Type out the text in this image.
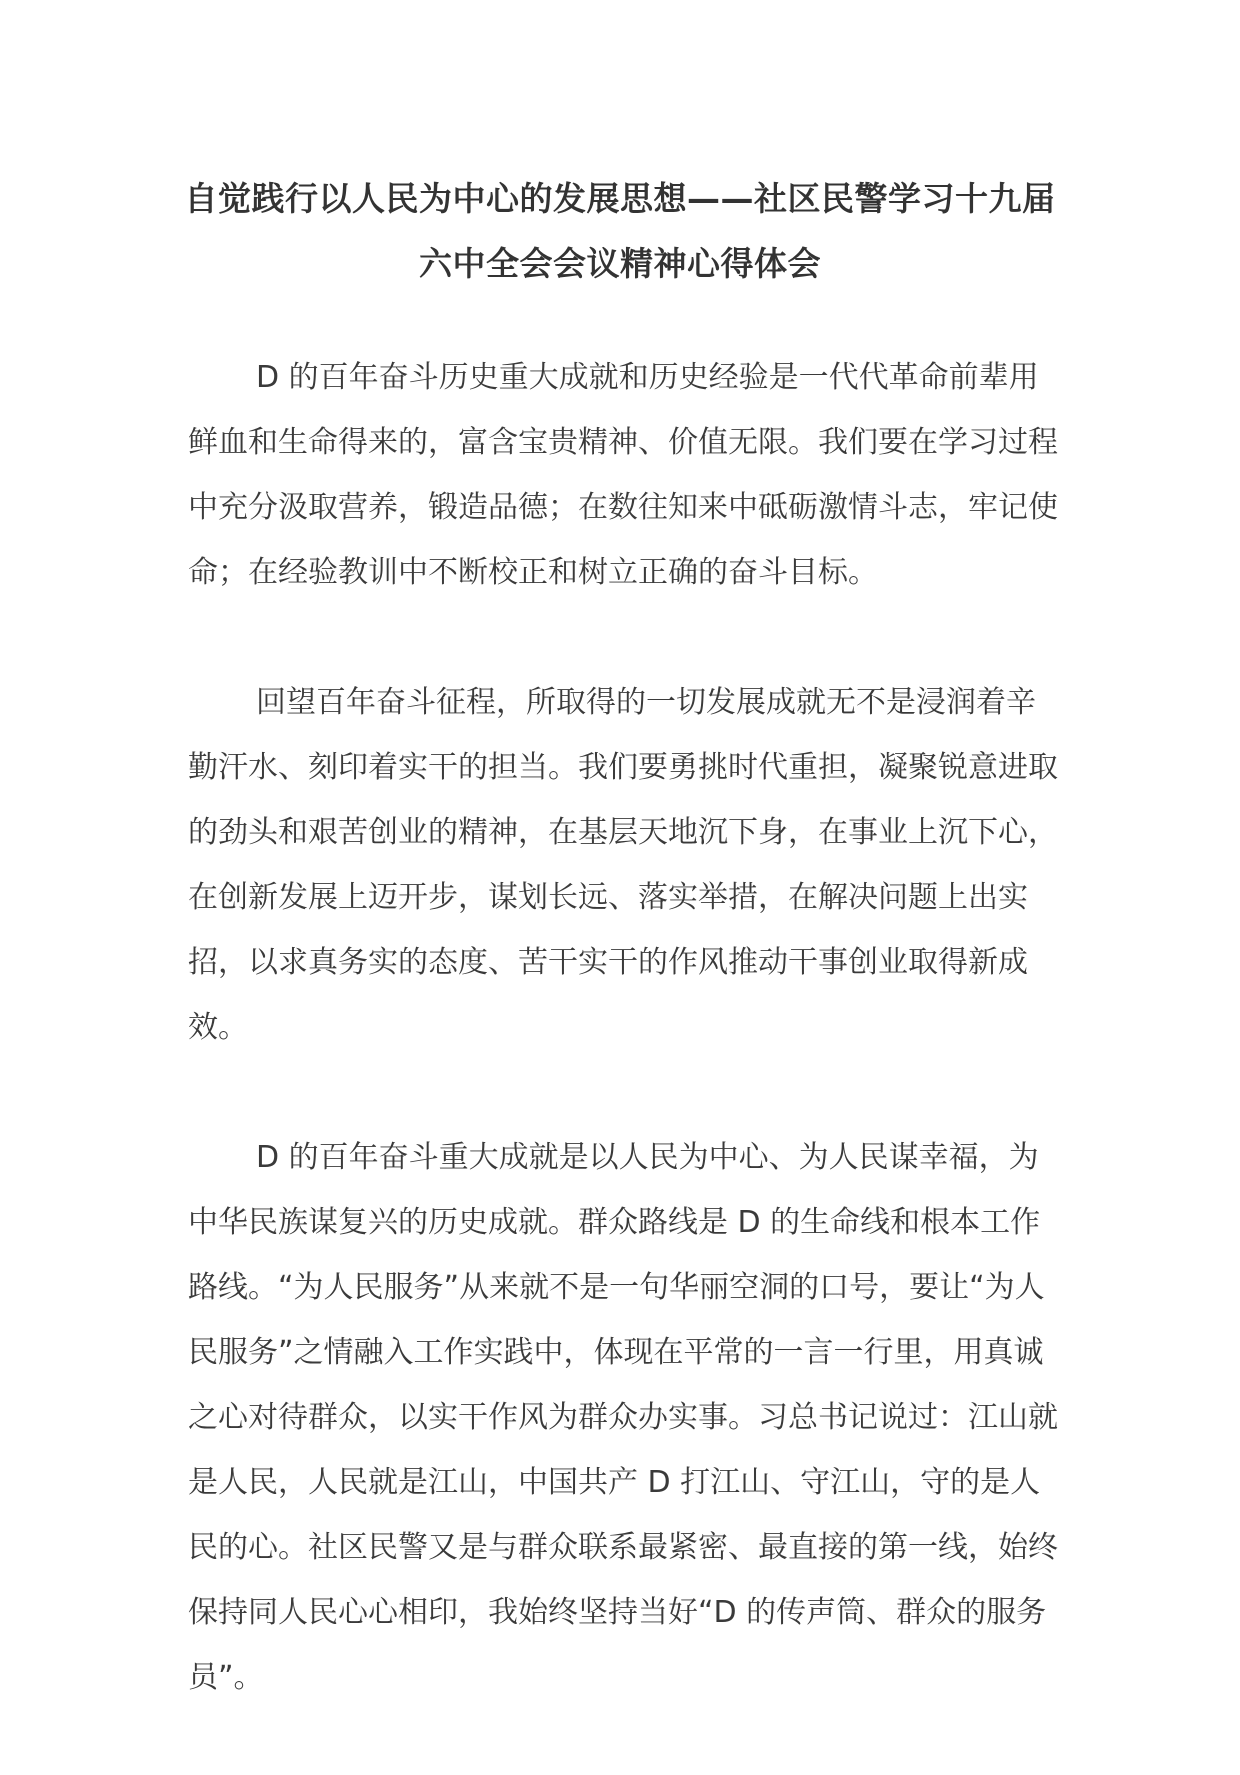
自觉践行以人民为中心的发展思想——社区民警学习十九届六中全会会议精神心得体会

D 的百年奋斗历史重大成就和历史经验是一代代革命前辈用鲜血和生命得来的，富含宝贵精神、价值无限。我们要在学习过程中充分汲取营养，锻造品德；在数往知来中砥砺激情斗志，牢记使命；在经验教训中不断校正和树立正确的奋斗目标。

回望百年奋斗征程，所取得的一切发展成就无不是浸润着辛勤汗水、刻印着实干的担当。我们要勇挑时代重担，凝聚锐意进取的劲头和艰苦创业的精神，在基层天地沉下身，在事业上沉下心，在创新发展上迈开步，谋划长远、落实举措，在解决问题上出实招，以求真务实的态度、苦干实干的作风推动干事创业取得新成效。

D 的百年奋斗重大成就是以人民为中心、为人民谋幸福，为中华民族谋复兴的历史成就。群众路线是 D 的生命线和根本工作路线。“为人民服务”从来就不是一句华丽空洞的口号，要让“为人民服务”之情融入工作实践中，体现在平常的一言一行里，用真诚之心对待群众，以实干作风为群众办实事。习总书记说过：江山就是人民，人民就是江山，中国共产 D 打江山、守江山，守的是人民的心。社区民警又是与群众联系最紧密、最直接的第一线，始终保持同人民心心相印，我始终坚持当好“D 的传声筒、群众的服务员”。
